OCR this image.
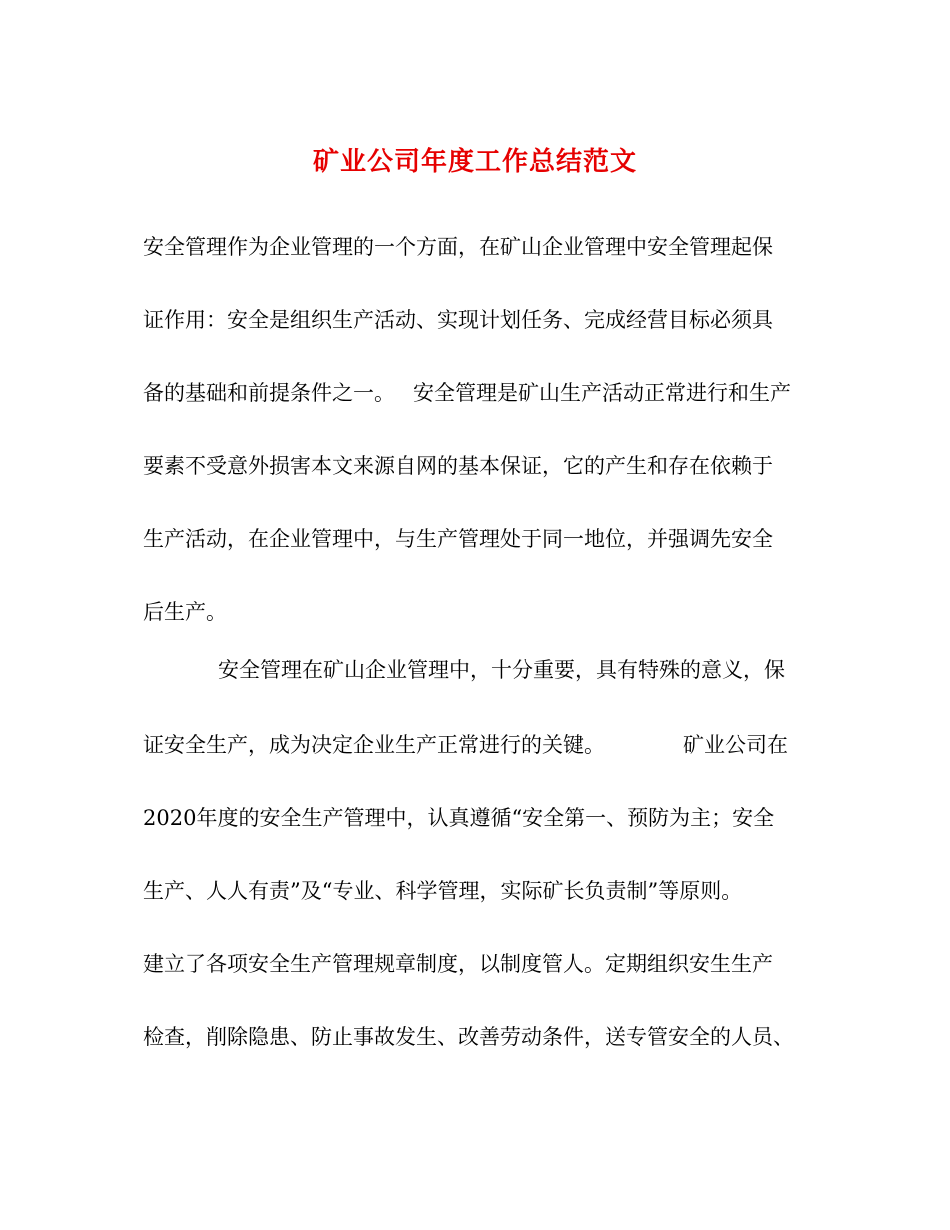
矿业公司年度工作总结范文

安全管理作为企业管理的一个方面，在矿山企业管理中安全管理起保

证作用：安全是组织生产活动、实现计划任务、完成经营目标必须具

备的基础和前提条件之一。 安全管理是矿山生产活动正常进行和生产

要素不受意外损害本文来源自网的基本保证，它的产生和存在依赖于

生产活动，在企业管理中，与生产管理处于同一地位，并强调先安全

后生产。

安全管理在矿山企业管理中，十分重要，具有特殊的意义，保

证安全生产，成为决定企业生产正常进行的关键。	矿业公司在

2020年度的安全生产管理中，认真遵循“安全第一、预防为主；安全

生产、人人有责”及“专业、科学管理，实际矿长负责制”等原则。

建立了各项安全生产管理规章制度，以制度管人。定期组织安生生产

检查，削除隐患、防止事故发生、改善劳动条件，送专管安全的人员、
